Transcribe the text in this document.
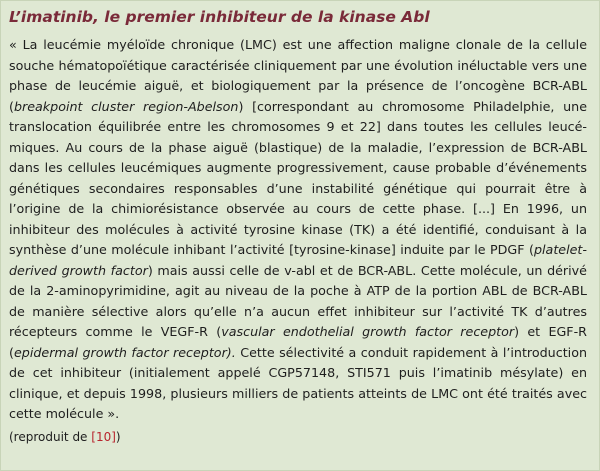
L’imatinib, le premier inhibiteur de la kinase Abl

« La leucémie myéloïde chronique (LMC) est une affection maligne clonale de la cellule souche hématopoïétique caractérisée cliniquement par une évolution inéluctable vers une phase de leucémie aiguë, et biologiquement par la présence de l’oncogène BCR-ABL (breakpoint cluster region-Abelson) [correspondant au chromosome Philadelphie, une translocation équilibrée entre les chromosomes 9 et 22] dans toutes les cellules leucémiques. Au cours de la phase aiguë (blastique) de la maladie, l’expression de BCR-ABL dans les cellules leucémiques augmente progressivement, cause probable d’événements génétiques secondaires responsables d’une instabilité génétique qui pourrait être à l’origine de la chimiorésistance observée au cours de cette phase. [...] En 1996, un inhibiteur des molécules à activité tyrosine kinase (TK) a été identifié, conduisant à la synthèse d’une molécule inhibant l’activité [tyrosine-kinase] induite par le PDGF (platelet-derived growth factor) mais aussi celle de v-abl et de BCR-ABL. Cette molécule, un dérivé de la 2-aminopyrimidine, agit au niveau de la poche à ATP de la portion ABL de BCR-ABL de manière sélective alors qu’elle n’a aucun effet inhibiteur sur l’activité TK d’autres récepteurs comme le VEGF-R (vascular endothelial growth factor receptor) et EGF-R (epidermal growth factor receptor). Cette sélectivité a conduit rapidement à l’introduction de cet inhibiteur (initialement appelé CGP57148, STI571 puis l’imatinib mésylate) en clinique, et depuis 1998, plusieurs milliers de patients atteints de LMC ont été traités avec cette molécule ».

(reproduit de [10])
